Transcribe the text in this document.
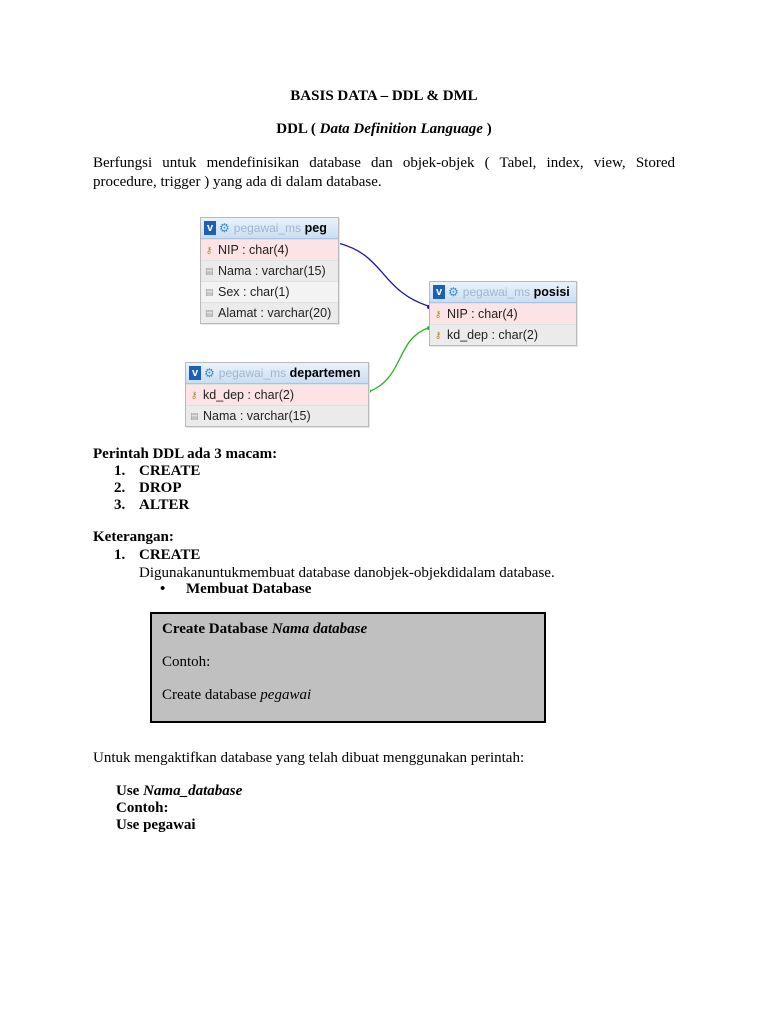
BASIS DATA – DDL & DML
DDL ( Data Definition Language )
Berfungsi untuk mendefinisikan database dan objek-objek ( Tabel, index, view, Stored procedure, trigger ) yang ada di dalam database.
v ⚙ pegawai_ms
peg
⚷ NIP : char(4)
▤ Nama : varchar(15)
▤ Sex : char(1)
▤ Alamat : varchar(20)
v ⚙ pegawai_ms
posisi
⚷ NIP : char(4)
⚷ kd_dep : char(2)
v ⚙ pegawai_ms
departemen
⚷ kd_dep : char(2)
▤ Nama : varchar(15)
Perintah DDL ada 3 macam:
1. CREATE
2. DROP
3. ALTER
Keterangan:
1. CREATE
Digunakanuntukmembuat database danobjek-objekdidalam database.
• Membuat Database
Create Database Nama database
Contoh:
Create database pegawai
Untuk mengaktifkan database yang telah dibuat menggunakan perintah:
Use Nama_database
Contoh:
Use pegawai
